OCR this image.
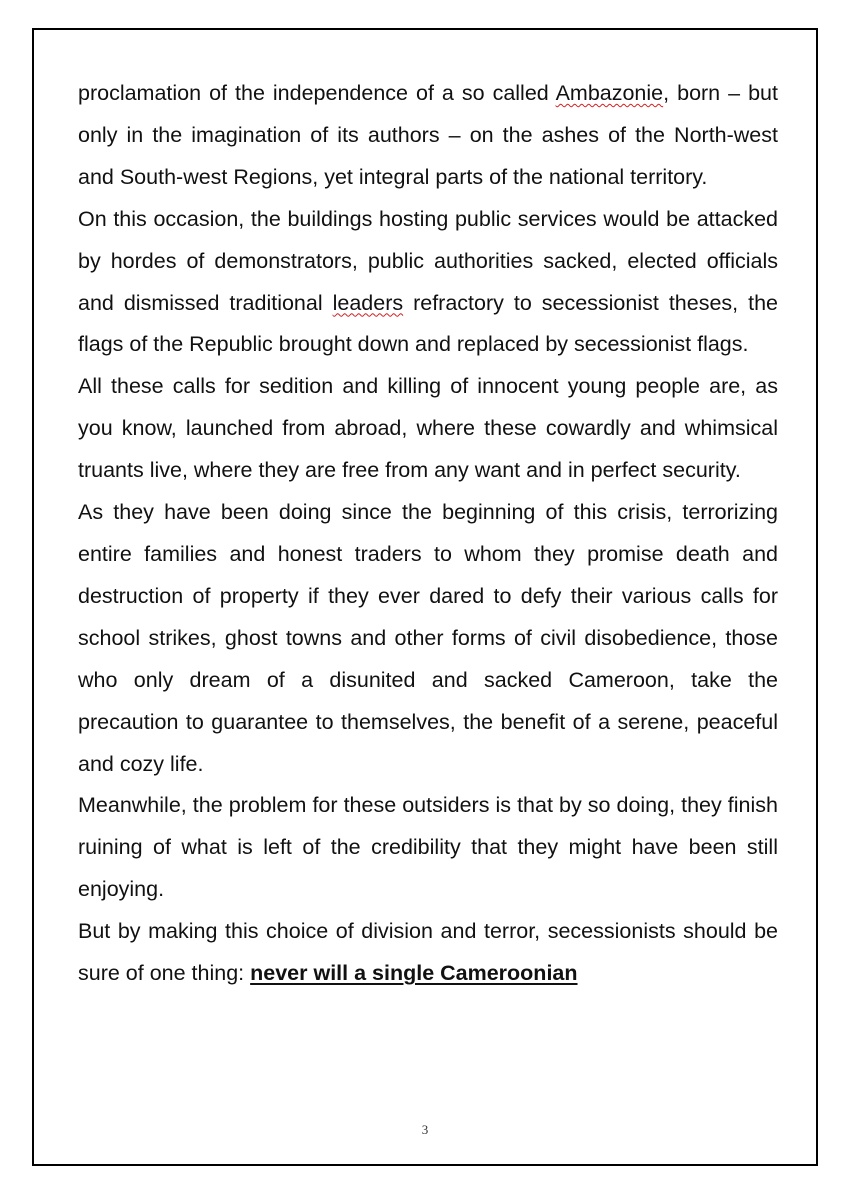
proclamation of the independence of a so called Ambazonie, born – but only in the imagination of its authors – on the ashes of the North-west and South-west Regions, yet integral parts of the national territory.

On this occasion, the buildings hosting public services would be attacked by hordes of demonstrators, public authorities sacked, elected officials and dismissed traditional leaders refractory to secessionist theses, the flags of the Republic brought down and replaced by secessionist flags.

All these calls for sedition and killing of innocent young people are, as you know, launched from abroad, where these cowardly and whimsical truants live, where they are free from any want and in perfect security.

As they have been doing since the beginning of this crisis, terrorizing entire families and honest traders to whom they promise death and destruction of property if they ever dared to defy their various calls for school strikes, ghost towns and other forms of civil disobedience, those who only dream of a disunited and sacked Cameroon, take the precaution to guarantee to themselves, the benefit of a serene, peaceful and cozy life.

Meanwhile, the problem for these outsiders is that by so doing, they finish ruining of what is left of the credibility that they might have been still enjoying.

But by making this choice of division and terror, secessionists should be sure of one thing: never will a single Cameroonian

3
